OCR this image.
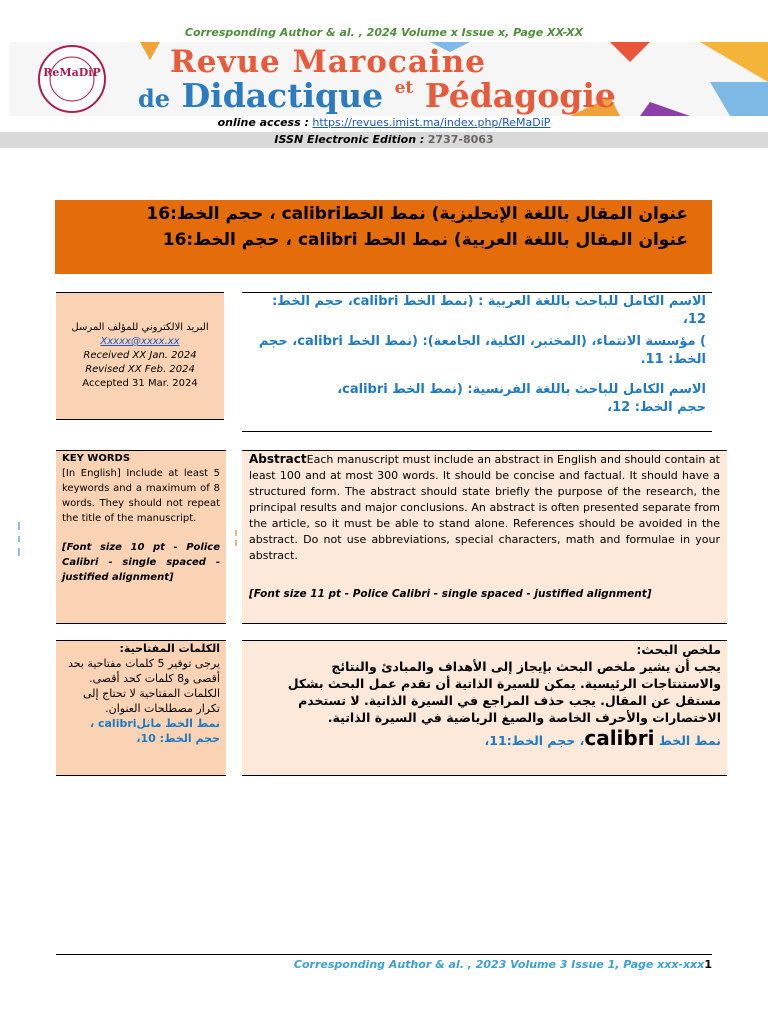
Corresponding Author & al. , 2024 Volume x Issue x, Page XX-XX
ReMaDiP	Revue Marocaine
de Didactique $^{et}$ Pédagogie
online access : https://revues.imist.ma/index.php/ReMaDiP
ISSN Electronic Edition : 2737-8063

عنوان المقال باللغة الإنجليزية) نمط الخطcalibri ، حجم الخط:16

عنوان المقال باللغة العربية) نمط الخط calibri ، حجم الخط:16

البريد الالكتروني للمؤلف المرسل
Xxxxx@xxxx.xx
Received XX Jan. 2024
Revised XX Feb. 2024
Accepted 31 Mar. 2024

الاسم الكامل للباحث باللغة العربية : (نمط الخط calibri، حجم الخط: 12،

) مؤسسة الانتماء، (المختبر، الكلية، الجامعة): (نمط الخط calibri، حجم الخط: 11.

الاسم الكامل للباحث باللغة الفرنسية: (نمط الخط calibri،

حجم الخط: 12،

KEY WORDS

[In English] Include at least 5 keywords and a maximum of 8 words. They should not repeat the title of the manuscript.

[Font size 10 pt - Police Calibri - single spaced - justified alignment]

AbstractEach manuscript must include an abstract in English and should contain at least 100 and at most 300 words. It should be concise and factual. It should have a structured form. The abstract should state briefly the purpose of the research, the principal results and major conclusions. An abstract is often presented separate from the article, so it must be able to stand alone. References should be avoided in the abstract. Do not use abbreviations, special characters, math and formulae in your abstract.

[Font size 11 pt - Police Calibri - single spaced - justified alignment]

الكلمات المفتاحية:

يرجى توفير 5 كلمات مفتاحية بحد أقصى و8 كلمات كحد أقصى. الكلمات المفتاحية لا تحتاج إلى تكرار مصطلحات العنوان.

نمط الخط ماثلcalibri ، حجم الخط: 10،

ملخص البحث:

يجب أن يشير ملخص البحث بإيجاز إلى الأهداف والمبادئ والنتائج والاستنتاجات الرئيسية. يمكن للسيرة الذاتية أن تقدم عمل البحث بشكل مستقل عن المقال. يجب حذف المراجع في السيرة الذاتية. لا تستخدم الاختصارات والأحرف الخاصة والصيغ الرياضية في السيرة الذاتية.

نمط الخط calibri، حجم الخط:11،

Corresponding Author & al. , 2023 Volume 3 Issue 1, Page xxx-xxx1
